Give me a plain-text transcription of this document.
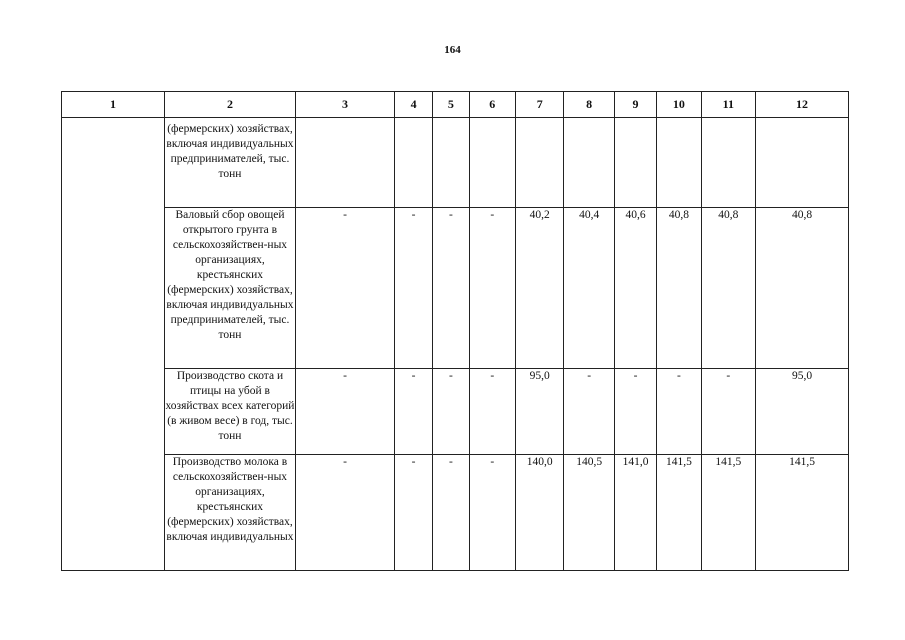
164
1	2	3	4	5	6	7	8	9	10	11	12
	(фермерских) хозяйствах, включая индивидуальных предпринимателей, тыс. тонн										
	Валовый сбор овощей открытого грунта в сельскохозяйствен-ных организациях, крестьянских (фермерских) хозяйствах, включая индивидуальных предпринимателей, тыс. тонн	-	-	-	-	40,2	40,4	40,6	40,8	40,8	40,8
	Производство скота и птицы на убой в хозяйствах всех категорий (в живом весе) в год, тыс. тонн	-	-	-	-	95,0	-	-	-	-	95,0
	Производство молока в сельскохозяйствен-ных организациях, крестьянских (фермерских) хозяйствах, включая индивидуальных	-	-	-	-	140,0	140,5	141,0	141,5	141,5	141,5
